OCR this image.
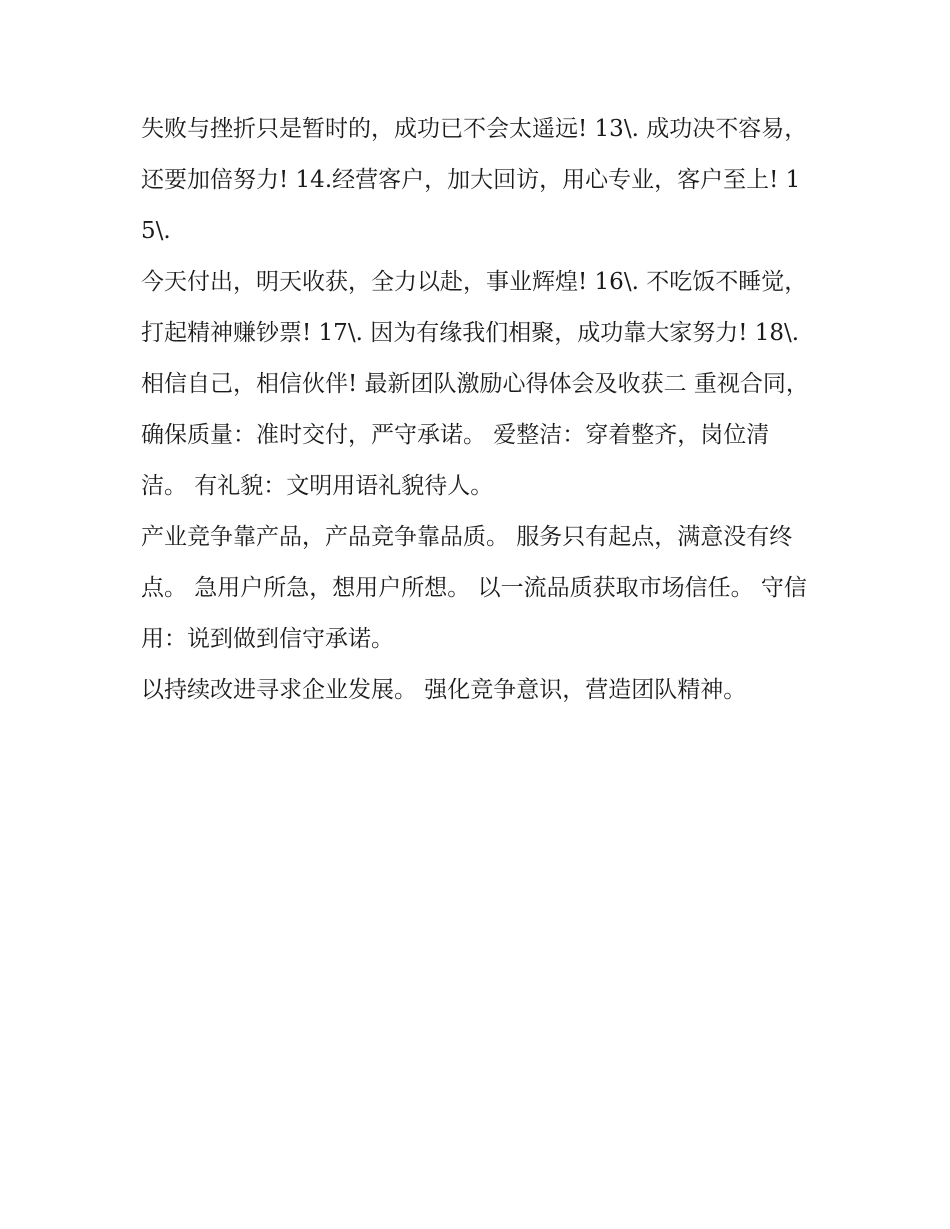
失败与挫折只是暂时的，成功已不会太遥远! 13\. 成功决不容易，还要加倍努力! 14.经营客户，加大回访，用心专业，客户至上! 15\.

今天付出，明天收获，全力以赴，事业辉煌! 16\. 不吃饭不睡觉，打起精神赚钞票! 17\. 因为有缘我们相聚，成功靠大家努力! 18\.

相信自己，相信伙伴! 最新团队激励心得体会及收获二 重视合同，确保质量：准时交付，严守承诺。 爱整洁：穿着整齐，岗位清洁。 有礼貌：文明用语礼貌待人。

产业竞争靠产品，产品竞争靠品质。 服务只有起点，满意没有终点。 急用户所急，想用户所想。 以一流品质获取市场信任。 守信用：说到做到信守承诺。

以持续改进寻求企业发展。 强化竞争意识，营造团队精神。
